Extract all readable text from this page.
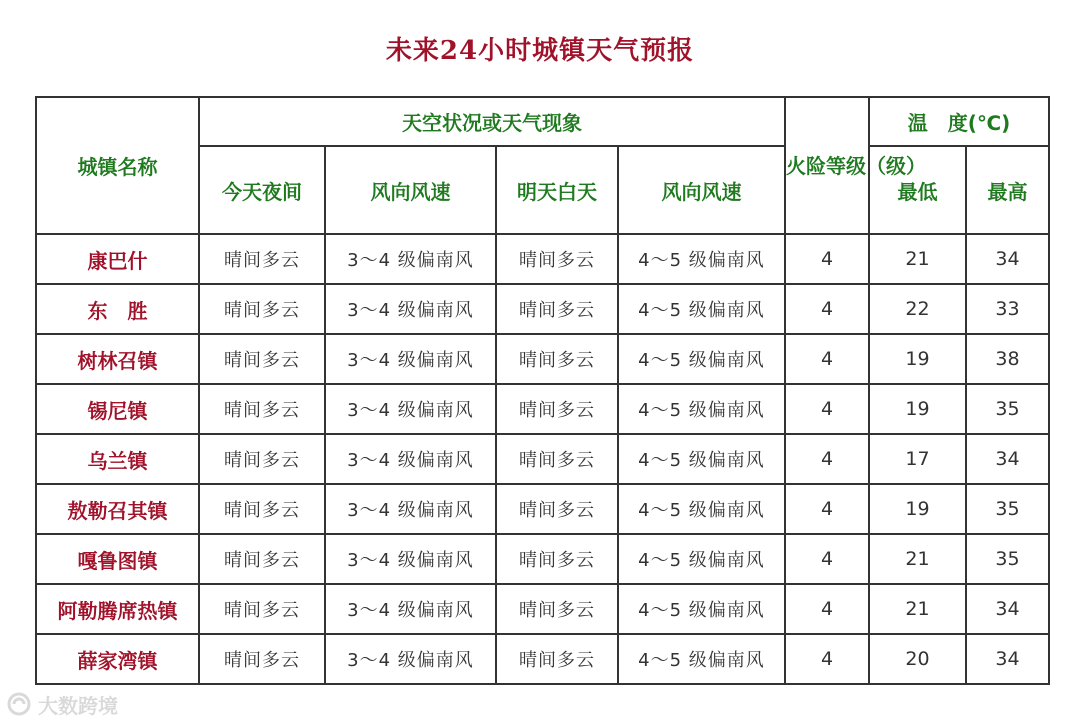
未来24小时城镇天气预报
城镇名称	天空状况或天气现象				火险等级（级）	温　度(℃)	
	今天夜间	风向风速	明天白天	风向风速		最低	最高
康巴什	晴间多云	3～4 级偏南风	晴间多云	4～5 级偏南风	4	21	34
东　胜	晴间多云	3～4 级偏南风	晴间多云	4～5 级偏南风	4	22	33
树林召镇	晴间多云	3～4 级偏南风	晴间多云	4～5 级偏南风	4	19	38
锡尼镇	晴间多云	3～4 级偏南风	晴间多云	4～5 级偏南风	4	19	35
乌兰镇	晴间多云	3～4 级偏南风	晴间多云	4～5 级偏南风	4	17	34
敖勒召其镇	晴间多云	3～4 级偏南风	晴间多云	4～5 级偏南风	4	19	35
嘎鲁图镇	晴间多云	3～4 级偏南风	晴间多云	4～5 级偏南风	4	21	35
阿勒腾席热镇	晴间多云	3～4 级偏南风	晴间多云	4～5 级偏南风	4	21	34
薛家湾镇	晴间多云	3～4 级偏南风	晴间多云	4～5 级偏南风	4	20	34
大数跨境
